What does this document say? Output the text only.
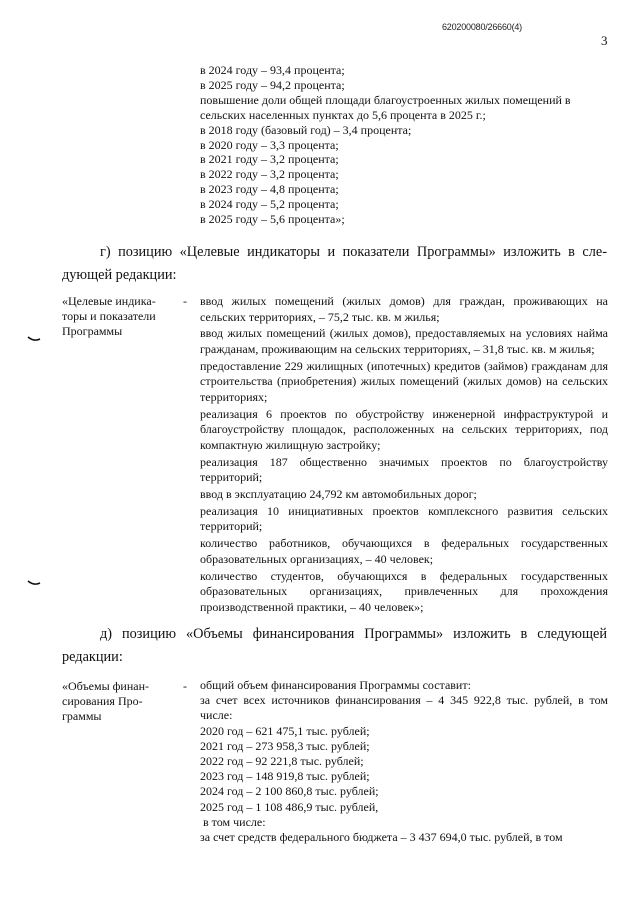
620200080/26660(4)
3
в 2024 году – 93,4 процента;
в 2025 году – 94,2 процента;
повышение доли общей площади благоустроенных жилых помещений в
сельских населенных пунктах до 5,6 процента в 2025 г.;
в 2018 году (базовый год) – 3,4 процента;
в 2020 году – 3,3 процента;
в 2021 году – 3,2 процента;
в 2022 году – 3,2 процента;
в 2023 году – 4,8 процента;
в 2024 году – 5,2 процента;
в 2025 году – 5,6 процента»;
г) позицию «Целевые индикаторы и показатели Программы» изложить в сле-
дующей редакции:
«Целевые индика-торы и показатели Программы
- ввод жилых помещений (жилых домов) для граждан, проживающих на сельских территориях, – 75,2 тыс. кв. м жилья;

ввод жилых помещений (жилых домов), предоставляемых на условиях найма гражданам, проживающим на сельских территориях, – 31,8 тыс. кв. м жилья;

предоставление 229 жилищных (ипотечных) кредитов (займов) гражданам для строительства (приобретения) жилых помещений (жилых домов) на сельских территориях;

реализация 6 проектов по обустройству инженерной инфраструктурой и благоустройству площадок, расположенных на сельских территориях, под компактную жилищную застройку;

реализация 187 общественно значимых проектов по благоустройству территорий;

ввод в эксплуатацию 24,792 км автомобильных дорог;

реализация 10 инициативных проектов комплексного развития сельских территорий;

количество работников, обучающихся в федеральных государственных образовательных организациях, – 40 человек;

количество студентов, обучающихся в федеральных государственных образовательных организациях, привлеченных для прохождения производственной практики, – 40 человек»;

д) позицию «Объемы финансирования Программы» изложить в следующей
редакции:
«Объемы финан-сирования Про-граммы
- общий объем финансирования Программы составит:
за счет всех источников финансирования – 4 345 922,8 тыс. рублей, в том числе:
2020 год – 621 475,1 тыс. рублей;
2021 год – 273 958,3 тыс. рублей;
2022 год – 92 221,8 тыс. рублей;
2023 год – 148 919,8 тыс. рублей;
2024 год – 2 100 860,8 тыс. рублей;
2025 год – 1 108 486,9 тыс. рублей,
в том числе:
за счет средств федерального бюджета – 3 437 694,0 тыс. рублей, в том
